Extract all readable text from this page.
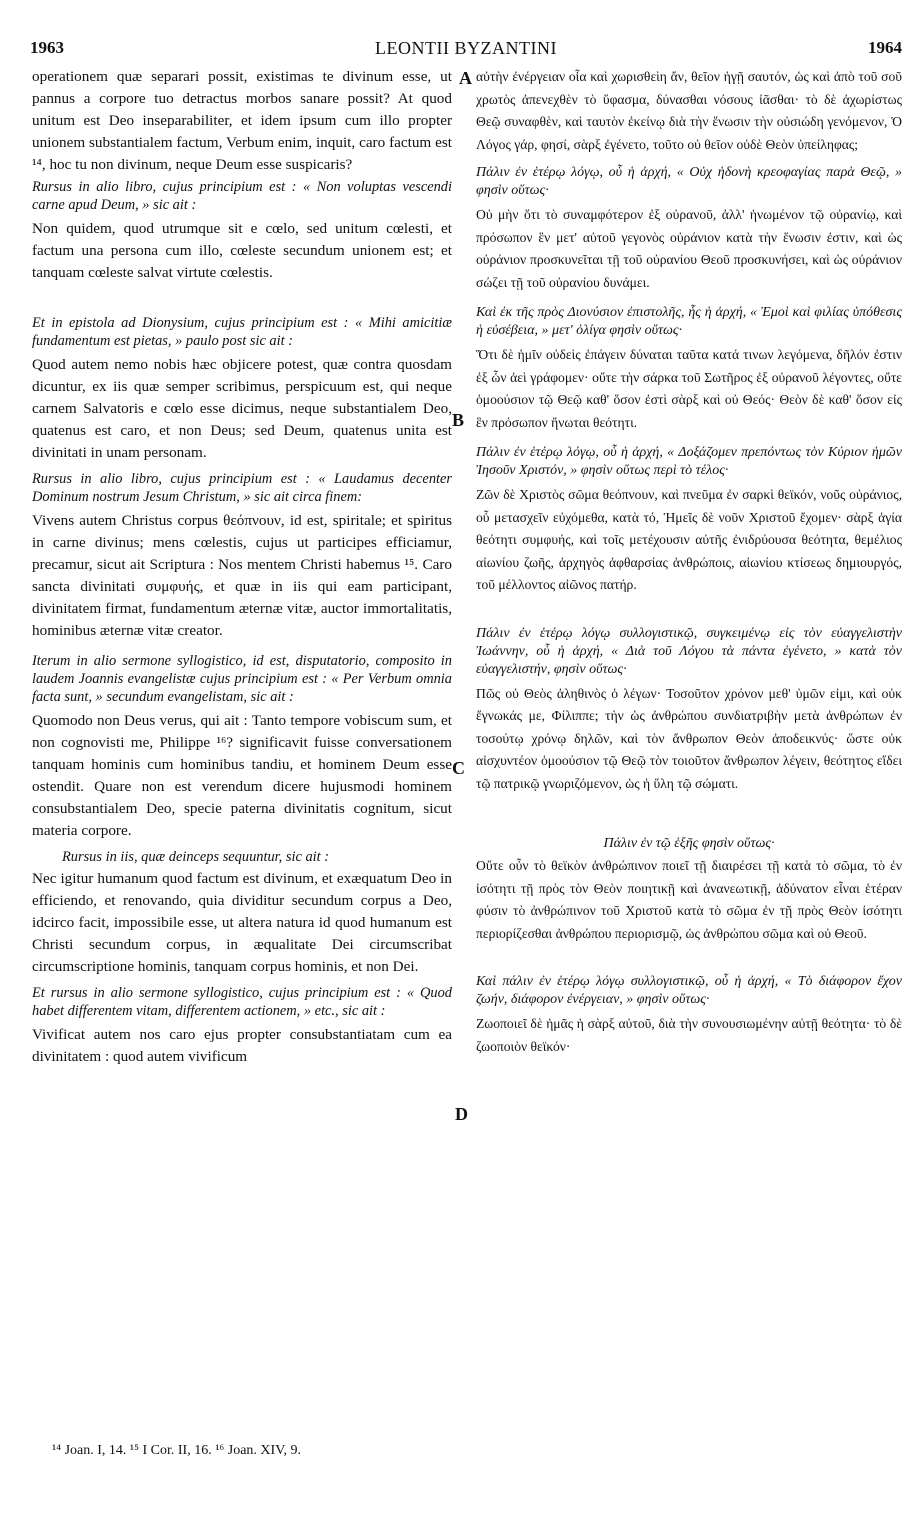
1963	LEONTII BYZANTINI	1964
A
B
C
D
operationem quæ separari possit, existimas te divinum esse, ut pannus a corpore tuo detractus morbos sanare possit? At quod unitum est Deo inseparabiliter, et idem ipsum cum illo propter unionem substantialem factum, Verbum enim, inquit, caro factum est ¹⁴, hoc tu non divinum, neque Deum esse suspicaris?
Rursus in alio libro, cujus principium est : « Non voluptas vescendi carne apud Deum, » sic ait :
Non quidem, quod utrumque sit e cœlo, sed unitum cœlesti, et factum una persona cum illo, cœleste secundum unionem est; et tanquam cœleste salvat virtute cœlestis.
Et in epistola ad Dionysium, cujus principium est : « Mihi amicitiæ fundamentum est pietas, » paulo post sic ait :
Quod autem nemo nobis hæc objicere potest, quæ contra quosdam dicuntur, ex iis quæ semper scribimus, perspicuum est, qui neque carnem Salvatoris e cœlo esse dicimus, neque substantialem Deo, quatenus est caro, et non Deus; sed Deum, quatenus unita est divinitati in unam personam.
Rursus in alio libro, cujus principium est : « Laudamus decenter Dominum nostrum Jesum Christum, » sic ait circa finem:
Vivens autem Christus corpus θεόπνουν, id est, spiritale; et spiritus in carne divinus; mens cœlestis, cujus ut participes efficiamur, precamur, sicut ait Scriptura : Nos mentem Christi habemus ¹⁵. Caro sancta divinitati συμφυής, et quæ in iis qui eam participant, divinitatem firmat, fundamentum æternæ vitæ, auctor immortalitatis, hominibus æternæ vitæ creator.
Iterum in alio sermone syllogistico, id est, disputatorio, composito in laudem Joannis evangelistæ cujus principium est : « Per Verbum omnia facta sunt, » secundum evangelistam, sic ait :
Quomodo non Deus verus, qui ait : Tanto tempore vobiscum sum, et non cognovisti me, Philippe ¹⁶? significavit fuisse conversationem tanquam hominis cum hominibus tandiu, et hominem Deum esse ostendit. Quare non est verendum dicere hujusmodi hominem consubstantialem Deo, specie paterna divinitatis cognitum, sicut materia corpore.
Rursus in iis, quæ deinceps sequuntur, sic ait :
Nec igitur humanum quod factum est divinum, et exæquatum Deo in efficiendo, et renovando, quia dividitur secundum corpus a Deo, idcirco facit, impossibile esse, ut altera natura id quod humanum est Christi secundum corpus, in æqualitate Dei circumscribat circumscriptione hominis, tanquam corpus hominis, et non Dei.
Et rursus in alio sermone syllogistico, cujus principium est : « Quod habet differentem vitam, differentem actionem, » etc., sic ait :
Vivificat autem nos caro ejus propter consubstantiatam cum ea divinitatem : quod autem vivificum
αὐτὴν ἐνέργειαν οἷα καὶ χωρισθεὶη ἄν, θεῖον ἡγῇ σαυτόν, ὡς καὶ ἀπὸ τοῦ σοῦ χρωτὸς ἀπενεχθὲν τὸ ὕφασμα, δύνασθαι νόσους ἰᾶσθαι· τὸ δὲ ἀχωρίστως Θεῷ συναφθὲν, καὶ ταυτὸν ἐκείνῳ διὰ τὴν ἕνωσιν τὴν οὐσιώδη γενόμενον, Ὁ Λόγος γάρ, φησί, σὰρξ ἐγένετο, τοῦτο οὐ θεῖον οὐδὲ Θεὸν ὑπείληφας;
Πάλιν ἐν ἑτέρῳ λόγῳ, οὗ ἡ ἀρχή, « Οὐχ ἡδονὴ κρεοφαγίας παρὰ Θεῷ, » φησὶν οὕτως·
Οὐ μὴν ὅτι τὸ συναμφότερον ἐξ οὐρανοῦ, ἀλλ' ἡνωμένον τῷ οὐρανίῳ, καὶ πρόσωπον ἓν μετ' αὐτοῦ γεγονὸς οὐράνιον κατὰ τὴν ἕνωσιν ἐστιν, καὶ ὡς οὐράνιον προσκυνεῖται τῇ τοῦ οὐρανίου Θεοῦ προσκυνήσει, καὶ ὡς οὐράνιον σώζει τῇ τοῦ οὐρανίου δυνάμει.
Καὶ ἐκ τῆς πρὸς Διονύσιον ἐπιστολῆς, ἧς ἡ ἀρχή, « Ἐμοὶ καὶ φιλίας ὑπόθεσις ἡ εὐσέβεια, » μετ' ὀλίγα φησὶν οὕτως·
Ὅτι δὲ ἡμῖν οὐδεὶς ἐπάγειν δύναται ταῦτα κατά τινων λεγόμενα, δῆλόν ἐστιν ἐξ ὧν ἀεὶ γράφομεν· οὔτε τὴν σάρκα τοῦ Σωτῆρος ἐξ οὐρανοῦ λέγοντες, οὔτε ὁμοούσιον τῷ Θεῷ καθ' ὅσον ἐστὶ σὰρξ καὶ οὐ Θεός· Θεὸν δὲ καθ' ὅσον εἰς ἓν πρόσωπον ἥνωται θεότητι.
Πάλιν ἐν ἑτέρῳ λόγῳ, οὗ ἡ ἀρχή, « Δοξάζομεν πρεπόντως τὸν Κύριον ἡμῶν Ἰησοῦν Χριστόν, » φησὶν οὕτως περὶ τὸ τέλος·
Ζῶν δὲ Χριστὸς σῶμα θεόπνουν, καὶ πνεῦμα ἐν σαρκὶ θεϊκόν, νοῦς οὐράνιος, οὗ μετασχεῖν εὐχόμεθα, κατὰ τό, Ἡμεῖς δὲ νοῦν Χριστοῦ ἔχομεν· σὰρξ ἁγία θεότητι συμφυής, καὶ τοῖς μετέχουσιν αὐτῆς ἐνιδρύουσα θεότητα, θεμέλιος αἰωνίου ζωῆς, ἀρχηγὸς ἀφθαρσίας ἀνθρώποις, αἰωνίου κτίσεως δημιουργός, τοῦ μέλλοντος αἰῶνος πατήρ.
Πάλιν ἐν ἑτέρῳ λόγῳ συλλογιστικῷ, συγκειμένῳ εἰς τὸν εὐαγγελιστὴν Ἰωάννην, οὗ ἡ ἀρχή, « Διὰ τοῦ Λόγου τὰ πάντα ἐγένετο, » κατὰ τὸν εὐαγγελιστήν, φησὶν οὕτως·
Πῶς οὐ Θεὸς ἀληθινὸς ὁ λέγων· Τοσοῦτον χρόνον μεθ' ὑμῶν εἰμι, καὶ οὐκ ἔγνωκάς με, Φίλιππε; τὴν ὡς ἀνθρώπου συνδιατριβὴν μετὰ ἀνθρώπων ἐν τοσούτῳ χρόνῳ δηλῶν, καὶ τὸν ἄνθρωπον Θεὸν ἀποδεικνύς· ὥστε οὐκ αἰσχυντέον ὁμοούσιον τῷ Θεῷ τὸν τοιοῦτον ἄνθρωπον λέγειν, θεότητος εἴδει τῷ πατρικῷ γνωριζόμενον, ὡς ἡ ὕλη τῷ σώματι.
Πάλιν ἐν τῷ ἑξῆς φησὶν οὕτως·
Οὔτε οὖν τὸ θεϊκὸν ἀνθρώπινον ποιεῖ τῇ διαιρέσει τῇ κατὰ τὸ σῶμα, τὸ ἐν ἰσότητι τῇ πρὸς τὸν Θεὸν ποιητικῇ καὶ ἀνανεωτικῇ, ἀδύνατον εἶναι ἑτέραν φύσιν τὸ ἀνθρώπινον τοῦ Χριστοῦ κατὰ τὸ σῶμα ἐν τῇ πρὸς Θεὸν ἰσότητι περιορίζεσθαι ἀνθρώπου περιορισμῷ, ὡς ἀνθρώπου σῶμα καὶ οὐ Θεοῦ.
Καὶ πάλιν ἐν ἑτέρῳ λόγῳ συλλογιστικῷ, οὗ ἡ ἀρχή, « Τὸ διάφορον ἔχον ζωήν, διάφορον ἐνέργειαν, » φησὶν οὕτως·
Ζωοποιεῖ δὲ ἡμᾶς ἡ σὰρξ αὐτοῦ, διὰ τὴν συνουσιωμένην αὐτῇ θεότητα· τὸ δὲ ζωοποιὸν θεϊκόν·
¹⁴ Joan. I, 14. ¹⁵ I Cor. II, 16. ¹⁶ Joan. XIV, 9.
